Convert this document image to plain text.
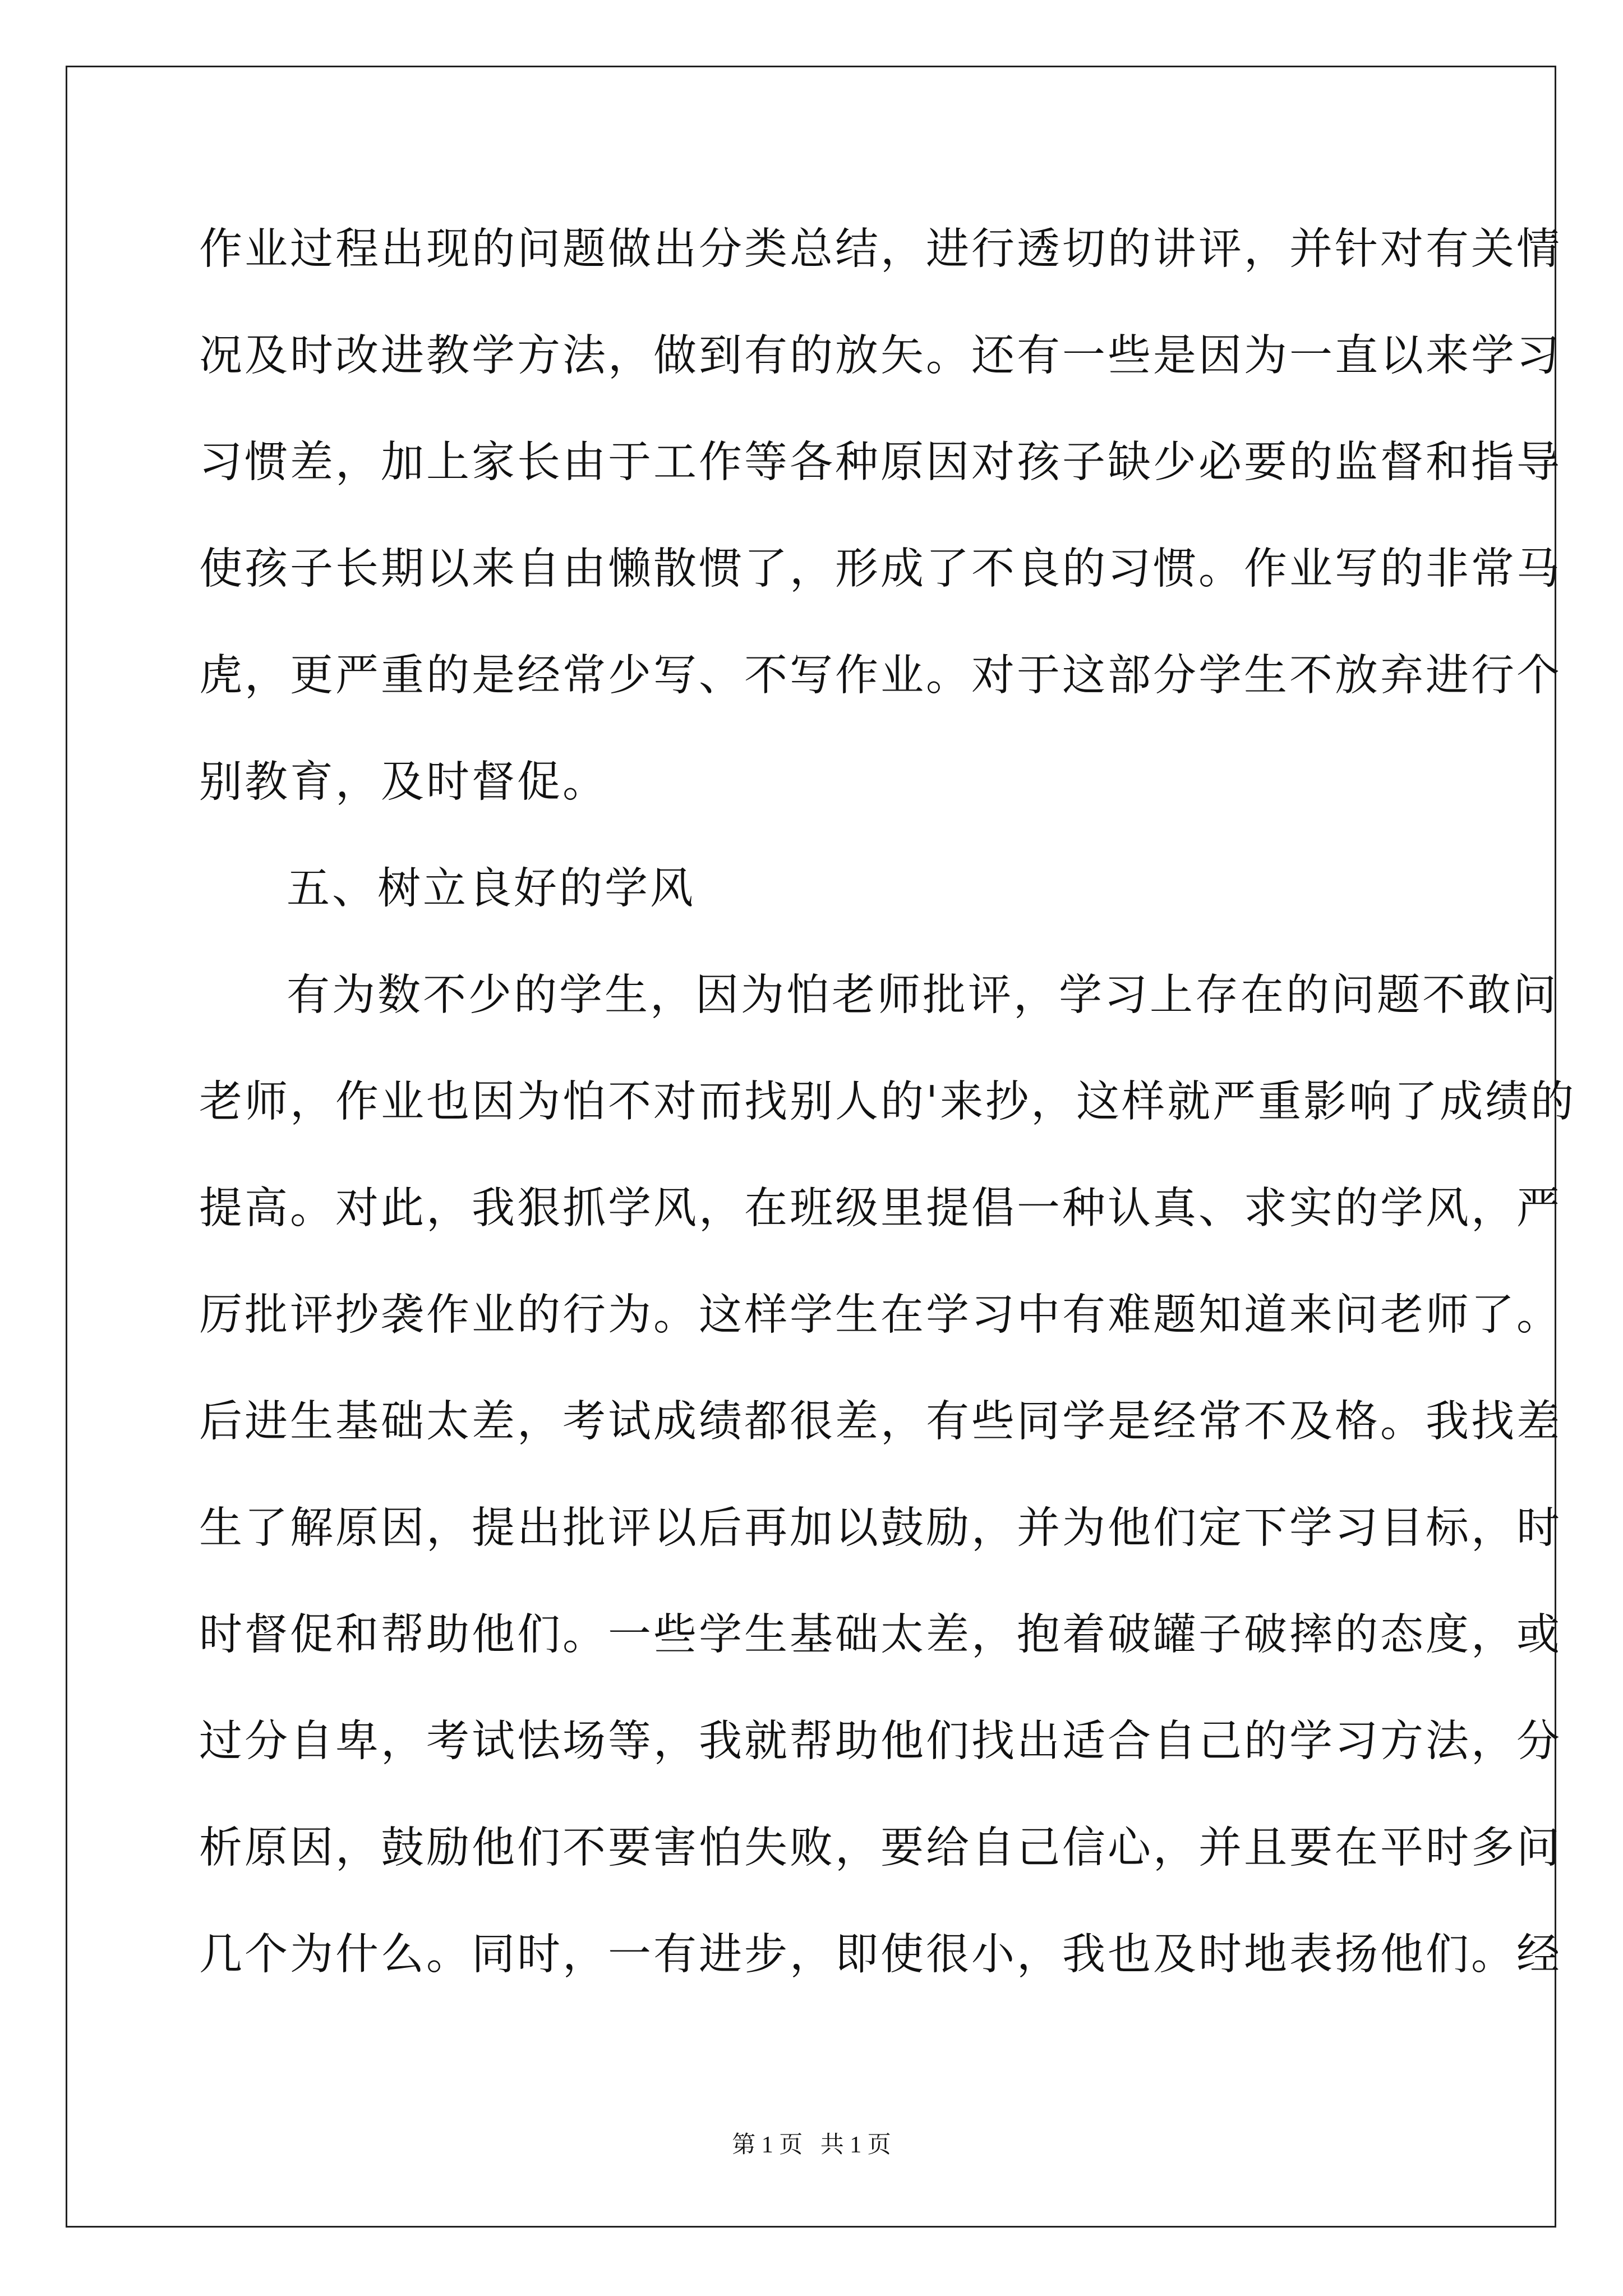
作业过程出现的问题做出分类总结，进行透切的讲评，并针对有关情
况及时改进教学方法，做到有的放矢。还有一些是因为一直以来学习
习惯差，加上家长由于工作等各种原因对孩子缺少必要的监督和指导
使孩子长期以来自由懒散惯了，形成了不良的习惯。作业写的非常马
虎，更严重的是经常少写、不写作业。对于这部分学生不放弃进行个
别教育，及时督促。
五、树立良好的学风
有为数不少的学生，因为怕老师批评，学习上存在的问题不敢问
老师，作业也因为怕不对而找别人的'来抄，这样就严重影响了成绩的
提高。对此，我狠抓学风，在班级里提倡一种认真、求实的学风，严
厉批评抄袭作业的行为。这样学生在学习中有难题知道来问老师了。
后进生基础太差，考试成绩都很差，有些同学是经常不及格。我找差
生了解原因，提出批评以后再加以鼓励，并为他们定下学习目标，时
时督促和帮助他们。一些学生基础太差，抱着破罐子破摔的态度，或
过分自卑，考试怯场等，我就帮助他们找出适合自己的学习方法，分
析原因，鼓励他们不要害怕失败，要给自己信心，并且要在平时多问
几个为什么。同时，一有进步，即使很小，我也及时地表扬他们。经
第 1 页   共 1 页
